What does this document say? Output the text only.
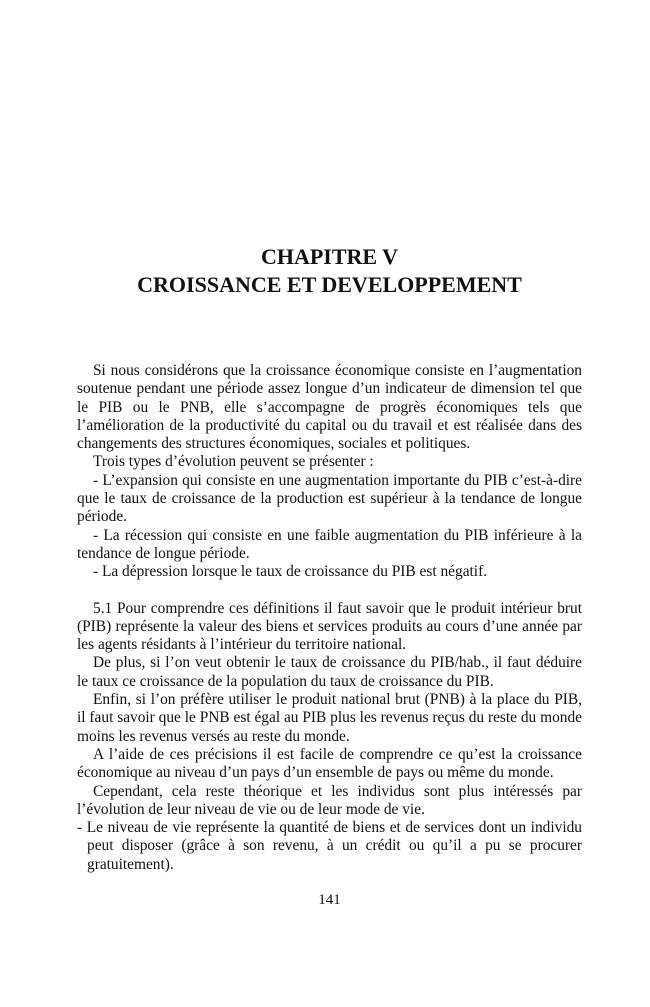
CHAPITRE V

CROISSANCE ET DEVELOPPEMENT

Si nous considérons que la croissance économique consiste en l’augmentation soutenue pendant une période assez longue d’un indicateur de dimension tel que le PIB ou le PNB, elle s’accompagne de progrès économiques tels que l’amélioration de la productivité du capital ou du travail et est réalisée dans des changements des structures économiques, sociales et politiques.

Trois types d’évolution peuvent se présenter :

- L’expansion qui consiste en une augmentation importante du PIB c’est-à-dire que le taux de croissance de la production est supérieur à la tendance de longue période.

- La récession qui consiste en une faible augmentation du PIB inférieure à la tendance de longue période.

- La dépression lorsque le taux de croissance du PIB est négatif.

5.1 Pour comprendre ces définitions il faut savoir que le produit intérieur brut (PIB) représente la valeur des biens et services produits au cours d’une année par les agents résidants à l’intérieur du territoire national.

De plus, si l’on veut obtenir le taux de croissance du PIB/hab., il faut déduire le taux ce croissance de la population du taux de croissance du PIB.

Enfin, si l’on préfère utiliser le produit national brut (PNB) à la place du PIB, il faut savoir que le PNB est égal au PIB plus les revenus reçus du reste du monde moins les revenus versés au reste du monde.

A l’aide de ces précisions il est facile de comprendre ce qu’est la croissance économique au niveau d’un pays d’un ensemble de pays ou même du monde.

Cependant, cela reste théorique et les individus sont plus intéressés par l’évolution de leur niveau de vie ou de leur mode de vie.

- Le niveau de vie représente la quantité de biens et de services dont un individu peut disposer (grâce à son revenu, à un crédit ou qu’il a pu se procurer gratuitement).

141
